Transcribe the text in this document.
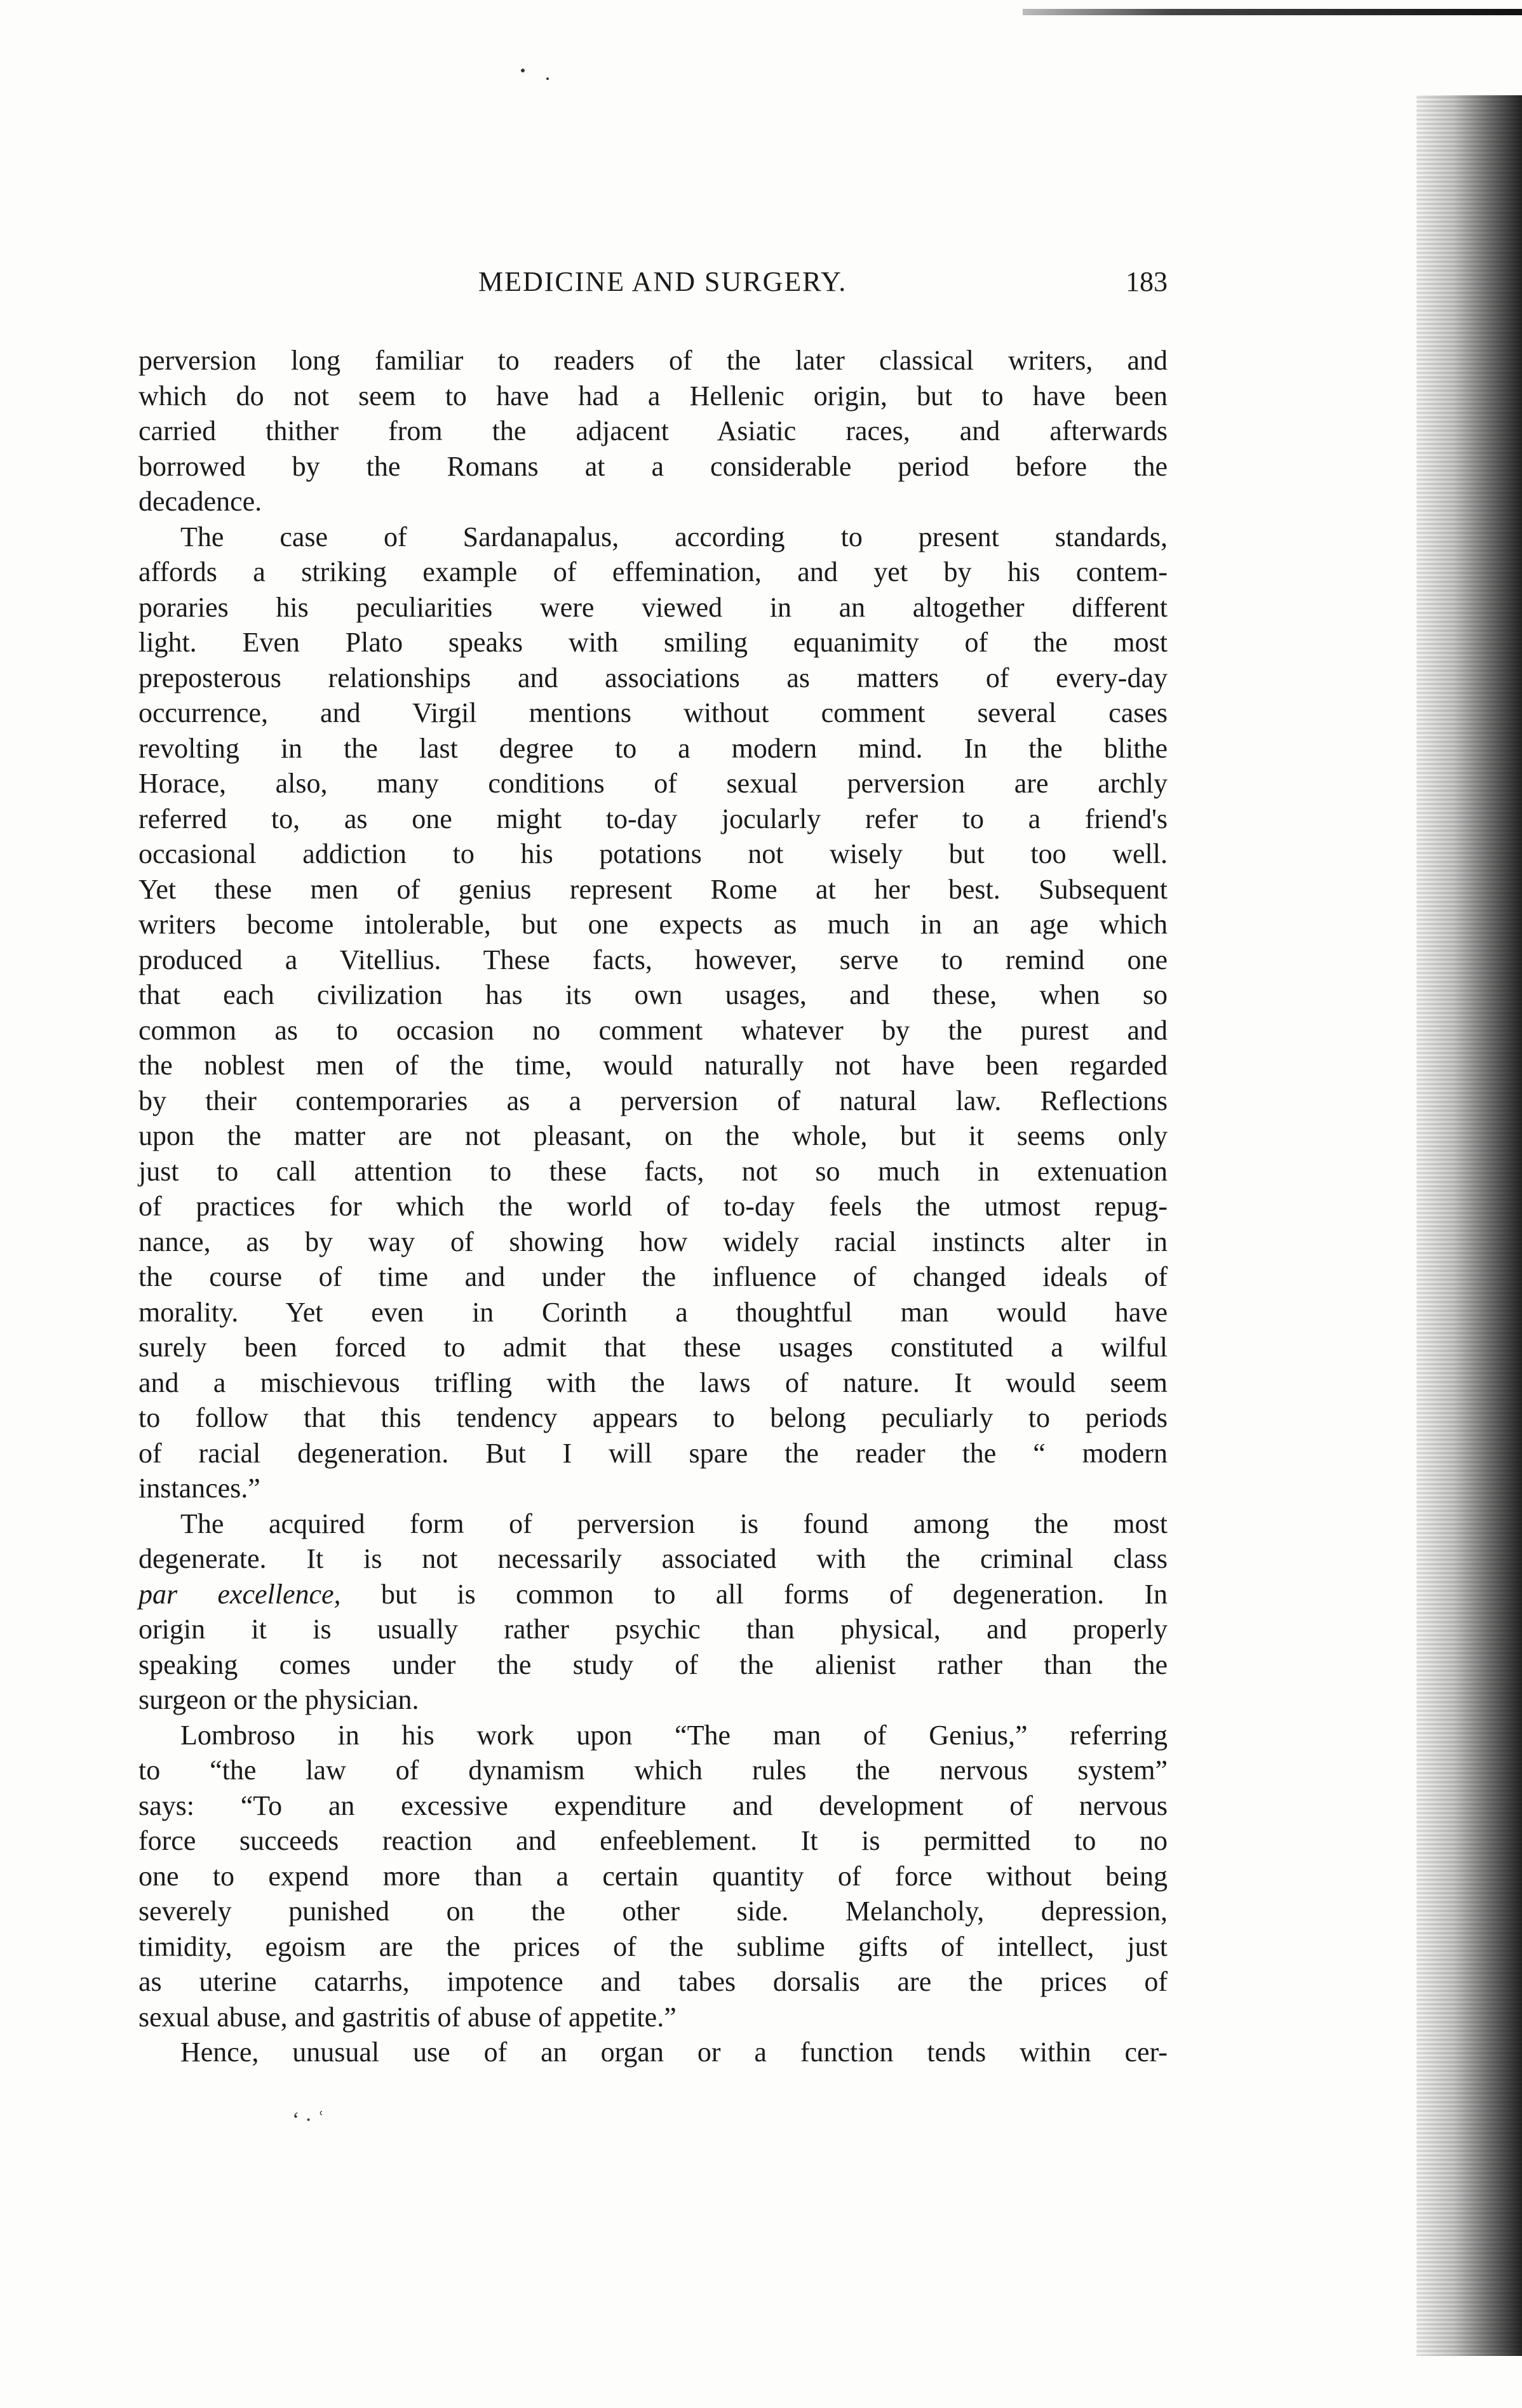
MEDICINE AND SURGERY.	183
perversion long familiar to readers of the later classical writers, and
which do not seem to have had a Hellenic origin, but to have been
carried thither from the adjacent Asiatic races, and afterwards
borrowed by the Romans at a considerable period before the
decadence.
The case of Sardanapalus, according to present standards,
affords a striking example of effemination, and yet by his contem-
poraries his peculiarities were viewed in an altogether different
light. Even Plato speaks with smiling equanimity of the most
preposterous relationships and associations as matters of every-day
occurrence, and Virgil mentions without comment several cases
revolting in the last degree to a modern mind. In the blithe
Horace, also, many conditions of sexual perversion are archly
referred to, as one might to-day jocularly refer to a friend's
occasional addiction to his potations not wisely but too well.
Yet these men of genius represent Rome at her best. Subsequent
writers become intolerable, but one expects as much in an age which
produced a Vitellius. These facts, however, serve to remind one
that each civilization has its own usages, and these, when so
common as to occasion no comment whatever by the purest and
the noblest men of the time, would naturally not have been regarded
by their contemporaries as a perversion of natural law. Reflections
upon the matter are not pleasant, on the whole, but it seems only
just to call attention to these facts, not so much in extenuation
of practices for which the world of to-day feels the utmost repug-
nance, as by way of showing how widely racial instincts alter in
the course of time and under the influence of changed ideals of
morality. Yet even in Corinth a thoughtful man would have
surely been forced to admit that these usages constituted a wilful
and a mischievous trifling with the laws of nature. It would seem
to follow that this tendency appears to belong peculiarly to periods
of racial degeneration. But I will spare the reader the “ modern
instances.”
The acquired form of perversion is found among the most
degenerate. It is not necessarily associated with the criminal class
par excellence, but is common to all forms of degeneration. In
origin it is usually rather psychic than physical, and properly
speaking comes under the study of the alienist rather than the
surgeon or the physician.
Lombroso in his work upon “The man of Genius,” referring
to “the law of dynamism which rules the nervous system”
says: “To an excessive expenditure and development of nervous
force succeeds reaction and enfeeblement. It is permitted to no
one to expend more than a certain quantity of force without being
severely punished on the other side. Melancholy, depression,
timidity, egoism are the prices of the sublime gifts of intellect, just
as uterine catarrhs, impotence and tabes dorsalis are the prices of
sexual abuse, and gastritis of abuse of appetite.”
Hence, unusual use of an organ or a function tends within cer-
‘ · ʿ
